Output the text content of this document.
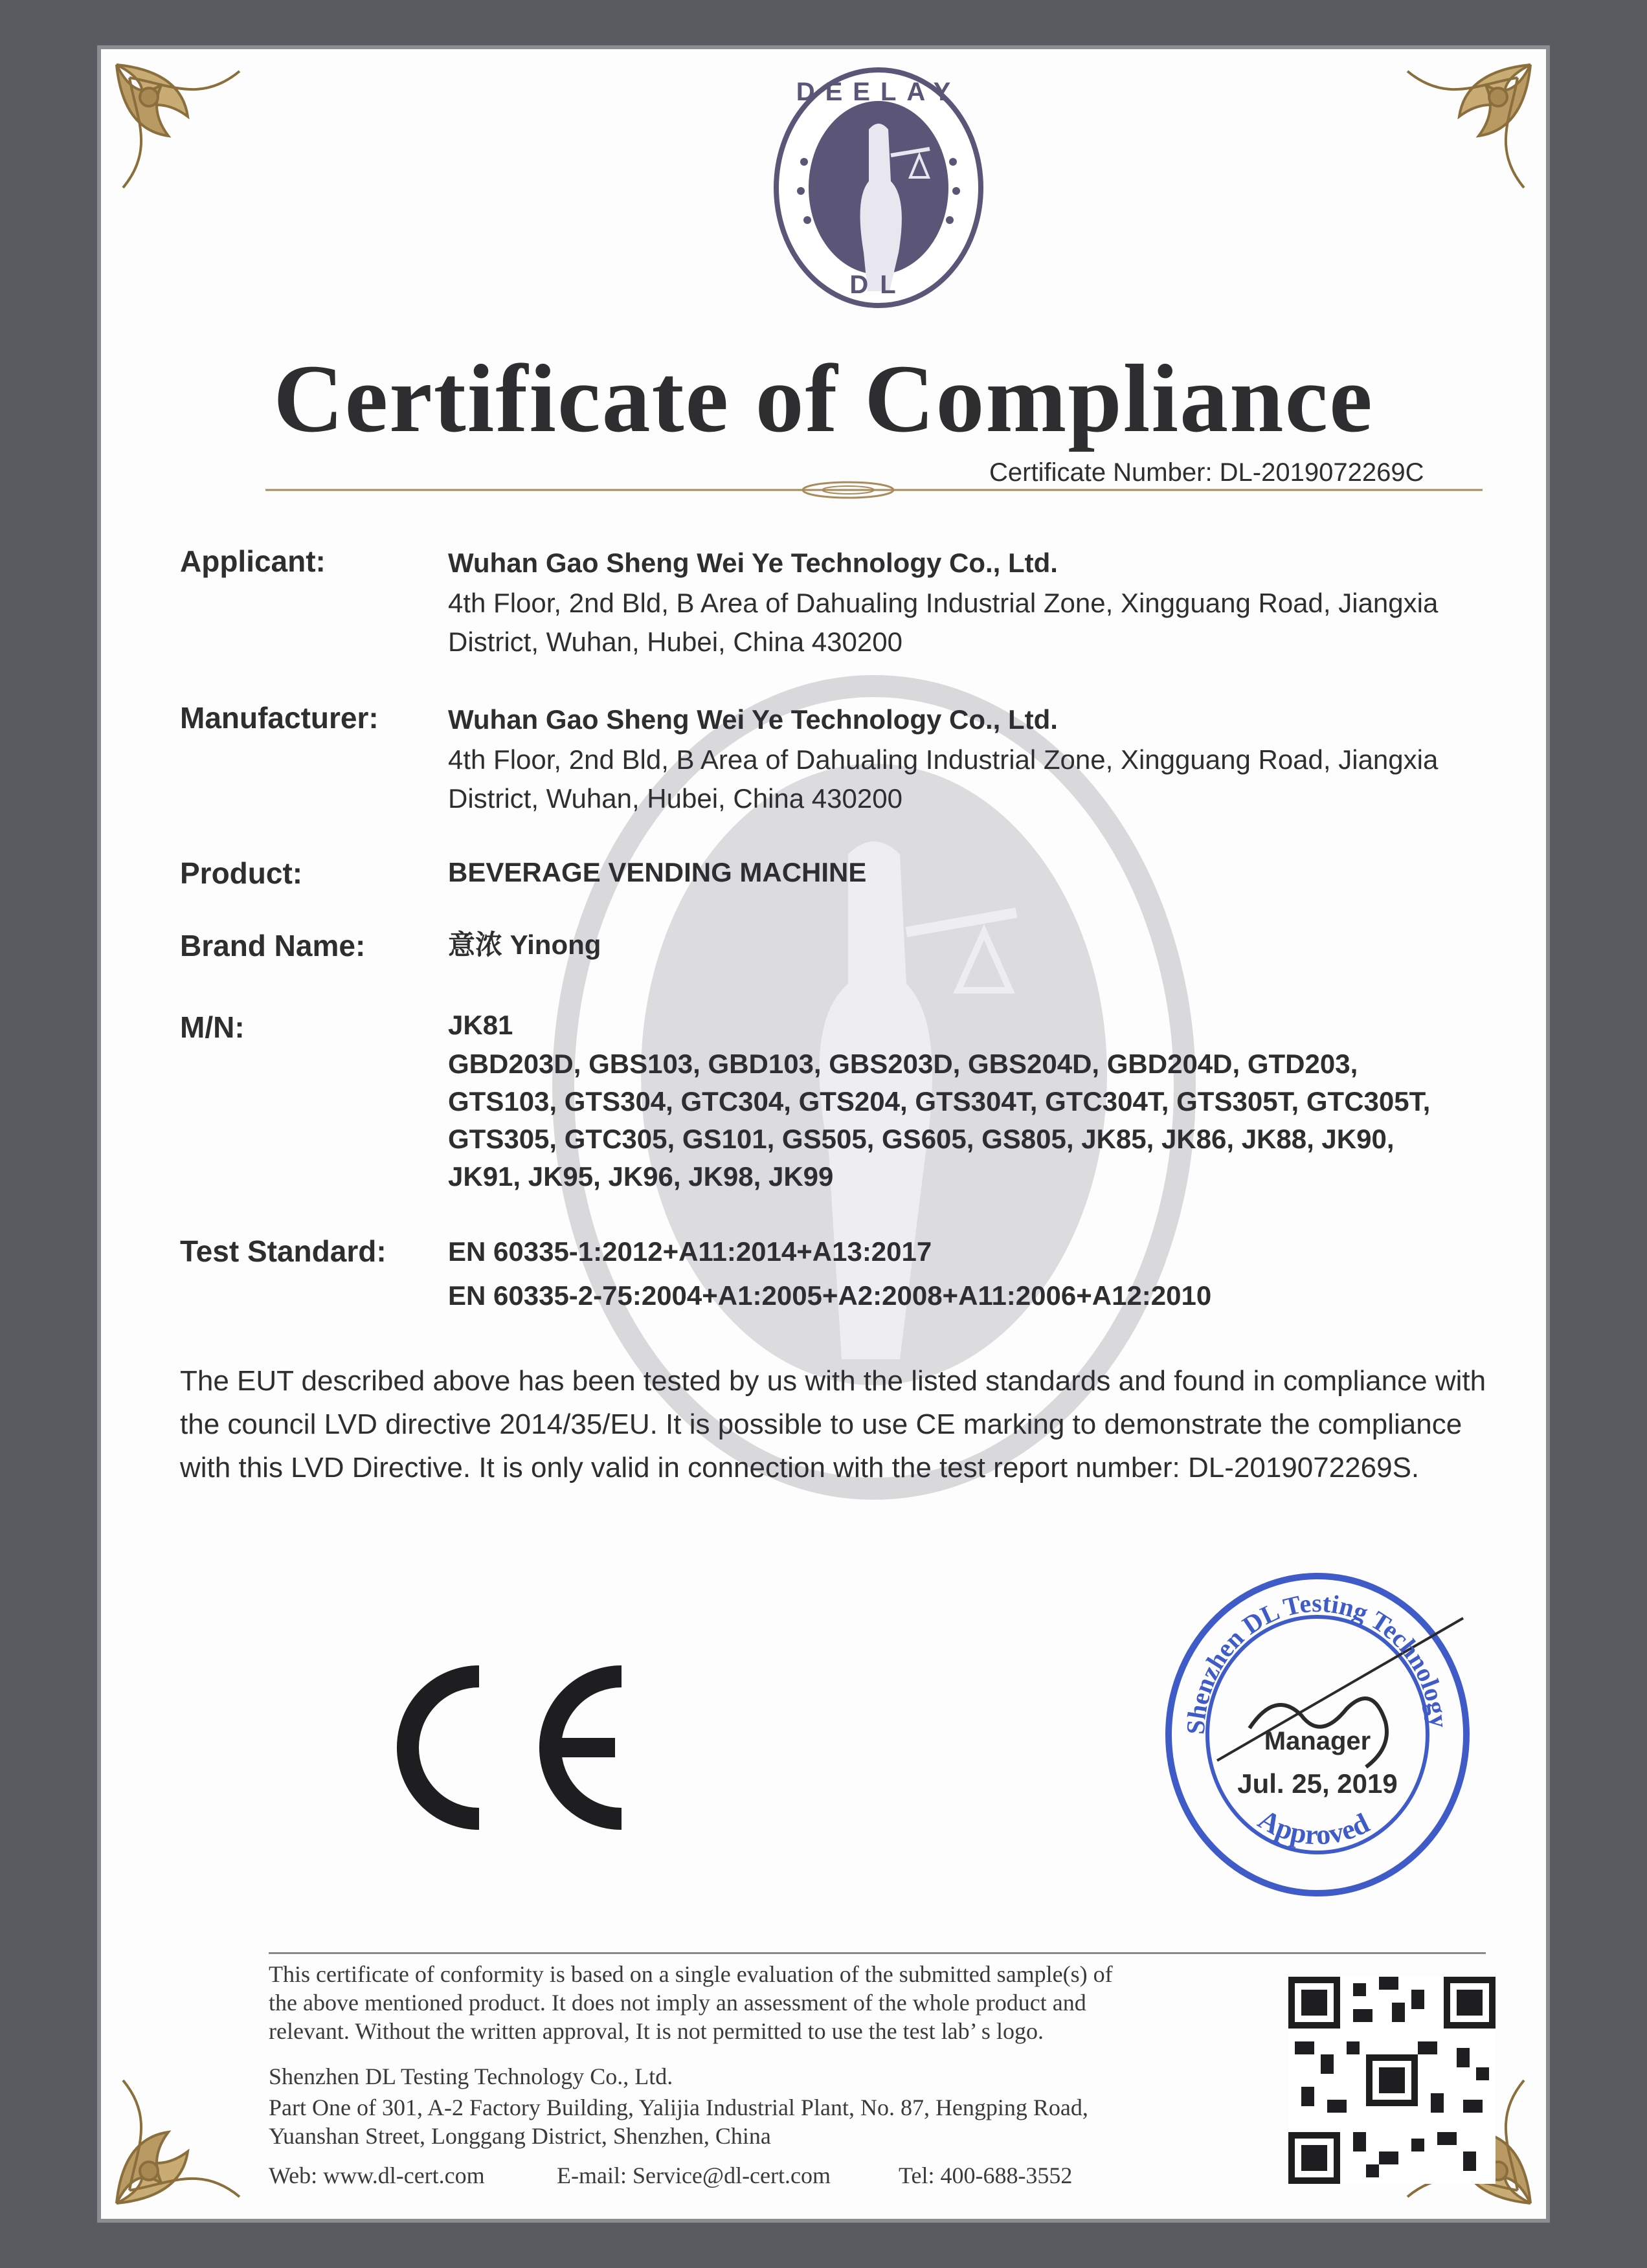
DEELAY
DL
Certificate of Compliance
Certificate Number: DL-2019072269C
Applicant:	Wuhan Gao Sheng Wei Ye Technology Co., Ltd.
4th Floor, 2nd Bld, B Area of Dahualing Industrial Zone, Xingguang Road, Jiangxia
District, Wuhan, Hubei, China 430200
Manufacturer:	Wuhan Gao Sheng Wei Ye Technology Co., Ltd.
4th Floor, 2nd Bld, B Area of Dahualing Industrial Zone, Xingguang Road, Jiangxia
District, Wuhan, Hubei, China 430200
Product:	BEVERAGE VENDING MACHINE
Brand Name:	意浓 Yinong
M/N:	JK81
GBD203D, GBS103, GBD103, GBS203D, GBS204D, GBD204D, GTD203,
GTS103, GTS304, GTC304, GTS204, GTS304T, GTC304T, GTS305T, GTC305T,
GTS305, GTC305, GS101, GS505, GS605, GS805, JK85, JK86, JK88, JK90,
JK91, JK95, JK96, JK98, JK99
Test Standard: EN 60335-1:2012+A11:2014+A13:2017
EN 60335-2-75:2004+A1:2005+A2:2008+A11:2006+A12:2010
The EUT described above has been tested by us with the listed standards and found in compliance with
the council LVD directive 2014/35/EU. It is possible to use CE marking to demonstrate the compliance
with this LVD Directive. It is only valid in connection with the test report number: DL-2019072269S.
Shenzhen DL Testing Technology
Approved
Manager
Jul. 25, 2019
This certificate of conformity is based on a single evaluation of the submitted sample(s) of
the above mentioned product. It does not imply an assessment of the whole product and
relevant. Without the written approval, It is not permitted to use the test lab’ s logo.
Shenzhen DL Testing Technology Co., Ltd.
Part One of 301, A-2 Factory Building, Yalijia Industrial Plant, No. 87, Hengping Road,
Yuanshan Street, Longgang District, Shenzhen, China
Web: www.dl-cert.com	E-mail: Service@dl-cert.com	Tel: 400-688-3552
